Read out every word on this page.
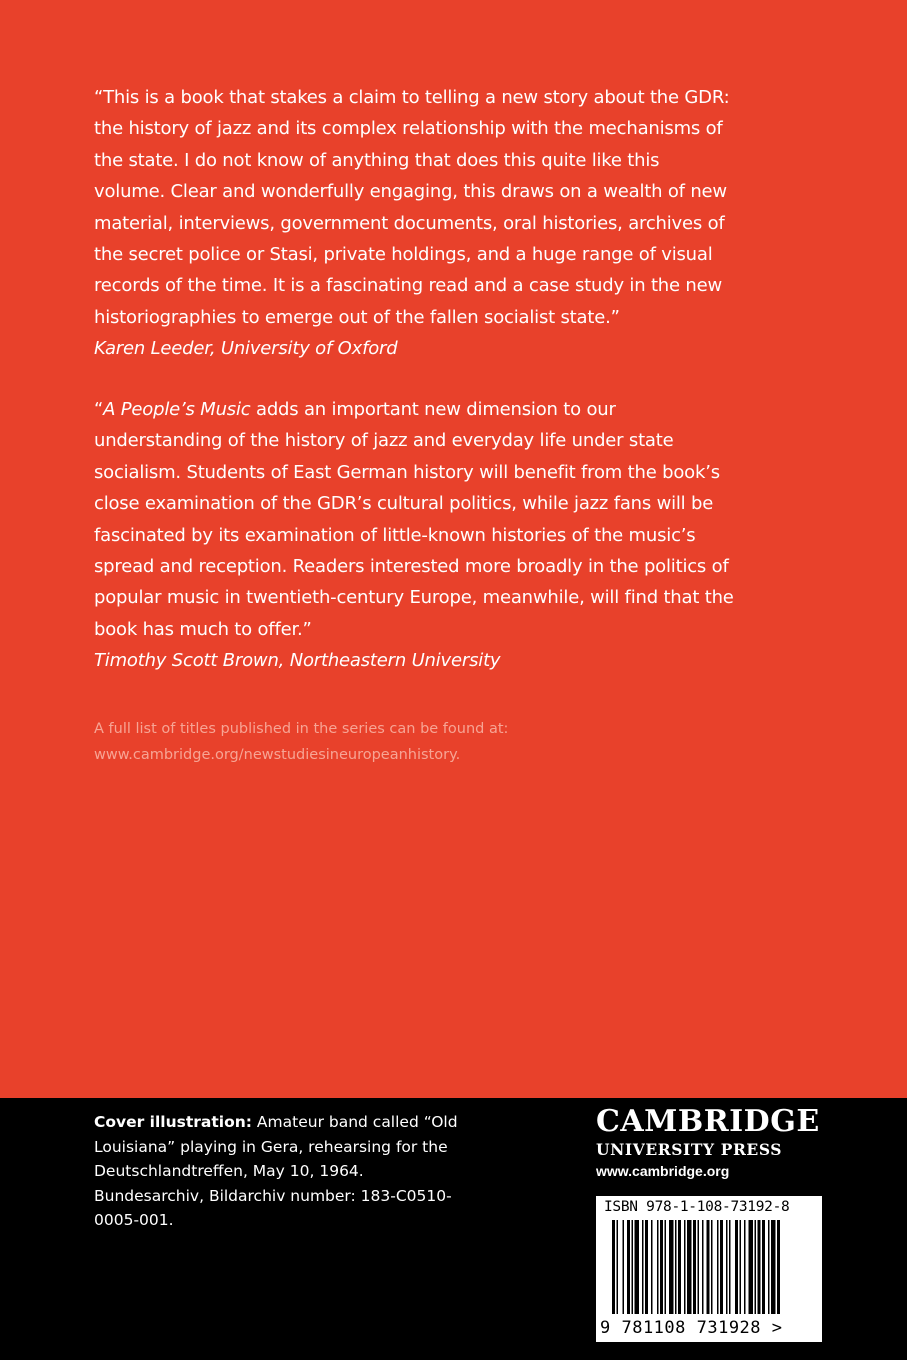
“This is a book that stakes a claim to telling a new story about the GDR: the history of jazz and its complex relationship with the mechanisms of the state. I do not know of anything that does this quite like this volume. Clear and wonderfully engaging, this draws on a wealth of new material, interviews, government documents, oral histories, archives of the secret police or Stasi, private holdings, and a huge range of visual records of the time. It is a fascinating read and a case study in the new historiographies to emerge out of the fallen socialist state.”

Karen Leeder, University of Oxford

“A People’s Music adds an important new dimension to our understanding of the history of jazz and everyday life under state socialism. Students of East German history will benefit from the book’s close examination of the GDR’s cultural politics, while jazz fans will be fascinated by its examination of little-known histories of the music’s spread and reception. Readers interested more broadly in the politics of popular music in twentieth-century Europe, meanwhile, will find that the book has much to offer.”

Timothy Scott Brown, Northeastern University
A full list of titles published in the series can be found at:
www.cambridge.org/newstudiesineuropeanhistory.
Cover illustration: Amateur band called “Old Louisiana” playing in Gera, rehearsing for the Deutschlandtreffen, May 10, 1964. Bundesarchiv, Bildarchiv number: 183-C0510-0005-001.
CAMBRIDGE
UNIVERSITY PRESS
www.cambridge.org
ISBN 978-1-108-73192-8
9 781108 731928 >
